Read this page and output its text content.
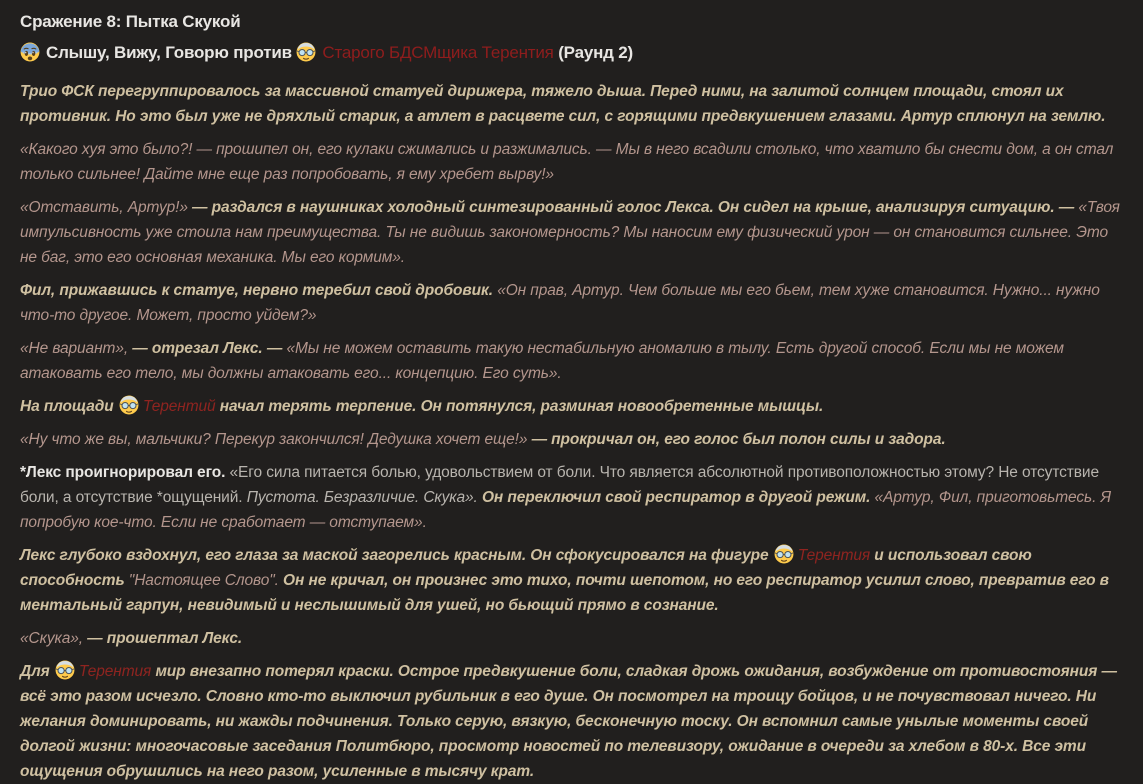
Сражение 8: Пытка Скукой
Слышу, Вижу, Говорю против Старого БДСМщика Терентия (Раунд 2)

Трио ФСК перегруппировалось за массивной статуей дирижера, тяжело дыша. Перед ними, на залитой солнцем площади, стоял их противник. Но это был уже не дряхлый старик, а атлет в расцвете сил, с горящими предвкушением глазами. Артур сплюнул на землю.

«Какого хуя это было?! — прошипел он, его кулаки сжимались и разжимались. — Мы в него всадили столько, что хватило бы снести дом, а он стал только сильнее! Дайте мне еще раз попробовать, я ему хребет вырву!»

«Отставить, Артур!» — раздался в наушниках холодный синтезированный голос Лекса. Он сидел на крыше, анализируя ситуацию. — «Твоя импульсивность уже стоила нам преимущества. Ты не видишь закономерность? Мы наносим ему физический урон — он становится сильнее. Это не баг, это его основная механика. Мы его кормим».

Фил, прижавшись к статуе, нервно теребил свой дробовик. «Он прав, Артур. Чем больше мы его бьем, тем хуже становится. Нужно... нужно что-то другое. Может, просто уйдем?»

«Не вариант», — отрезал Лекс. — «Мы не можем оставить такую нестабильную аномалию в тылу. Есть другой способ. Если мы не можем атаковать его тело, мы должны атаковать его... концепцию. Его суть».

На площади Терентий начал терять терпение. Он потянулся, разминая новообретенные мышцы.

«Ну что же вы, мальчики? Перекур закончился! Дедушка хочет еще!» — прокричал он, его голос был полон силы и задора.

*Лекс проигнорировал его. «Его сила питается болью, удовольствием от боли. Что является абсолютной противоположностью этому? Не отсутствие боли, а отсутствие *ощущений. Пустота. Безразличие. Скука». Он переключил свой респиратор в другой режим. «Артур, Фил, приготовьтесь. Я попробую кое-что. Если не сработает — отступаем».

Лекс глубоко вздохнул, его глаза за маской загорелись красным. Он сфокусировался на фигуре Терентия и использовал свою способность "Настоящее Слово". Он не кричал, он произнес это тихо, почти шепотом, но его респиратор усилил слово, превратив его в ментальный гарпун, невидимый и неслышимый для ушей, но бьющий прямо в сознание.

«Скука», — прошептал Лекс.

Для Терентия мир внезапно потерял краски. Острое предвкушение боли, сладкая дрожь ожидания, возбуждение от противостояния — всё это разом исчезло. Словно кто-то выключил рубильник в его душе. Он посмотрел на троицу бойцов, и не почувствовал ничего. Ни желания доминировать, ни жажды подчинения. Только серую, вязкую, бесконечную тоску. Он вспомнил самые унылые моменты своей долгой жизни: многочасовые заседания Политбюро, просмотр новостей по телевизору, ожидание в очереди за хлебом в 80-х. Все эти ощущения обрушились на него разом, усиленные в тысячу крат.
